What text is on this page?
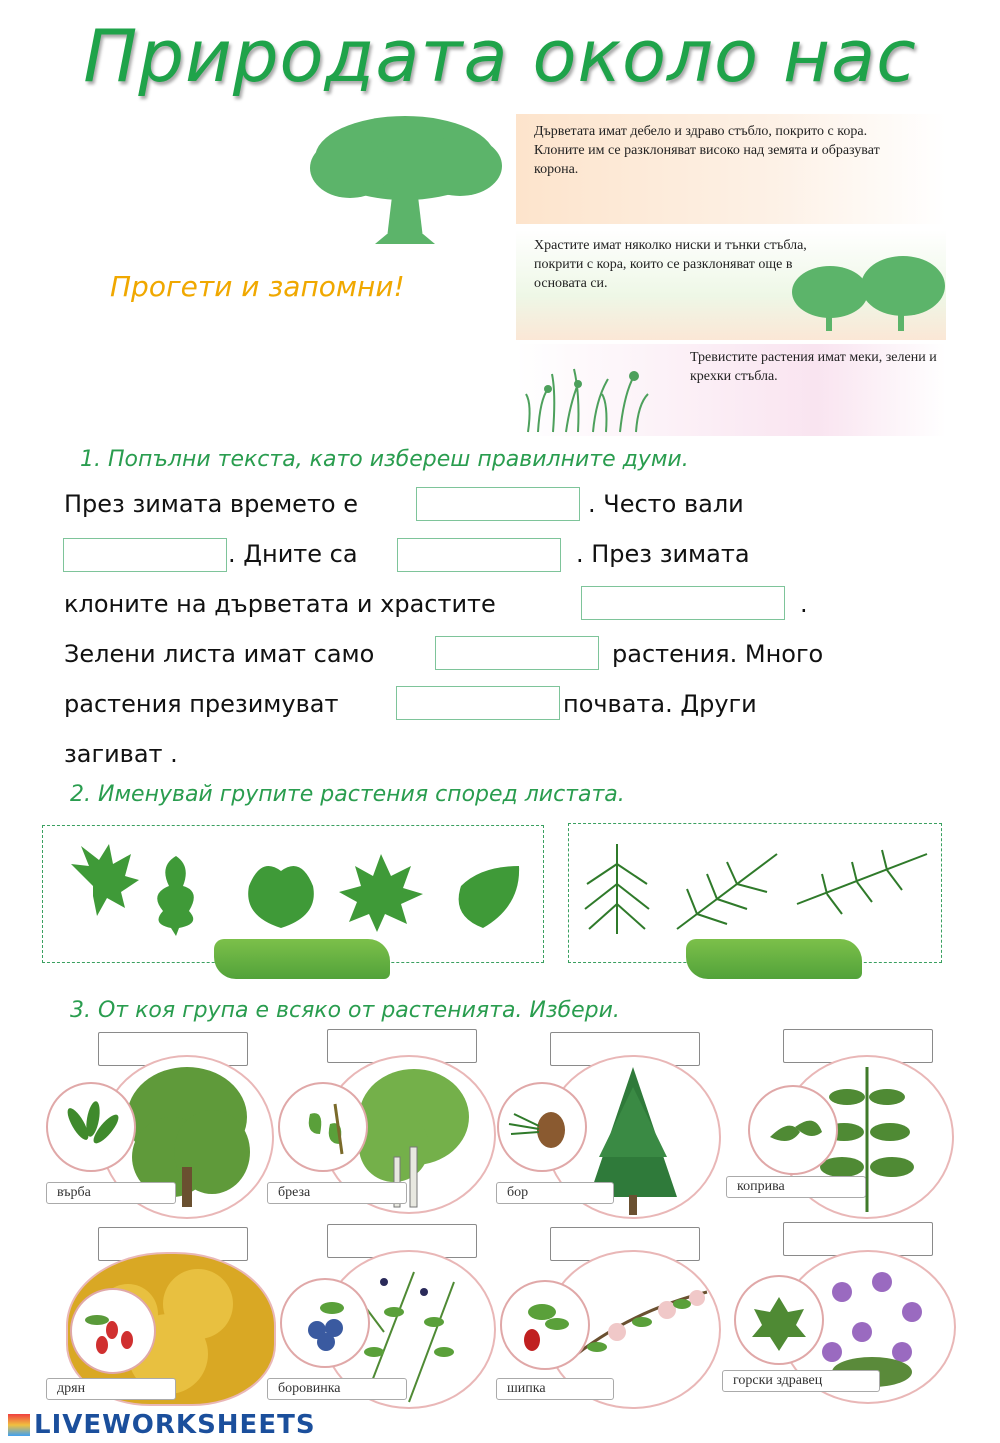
Природата около нас
Прогети и запомни!
Дърветата имат дебело и здраво стъбло, покрито с кора. Клоните им се разклоняват високо над земята и образуват корона.
Храстите имат няколко ниски и тънки стъбла, покрити с кора, които се разклоняват още в основата си.
Тревистите растения имат меки, зелени и крехки стъбла.
1. Попълни текста, като избереш правилните думи.
През зимата времето е	. Често вали
. Дните са	. През зимата
клоните на дърветата и храстите	.
Зелени листа имат само	растения. Много
растения презимуват	почвата. Други
загиват .
2. Именувай групите растения според листата.
3. От коя група е всяко от растенията. Избери.
върба	бреза	бор	коприва
дрян	боровинка	шипка
горски здравец
LIVEWORKSHEETS
